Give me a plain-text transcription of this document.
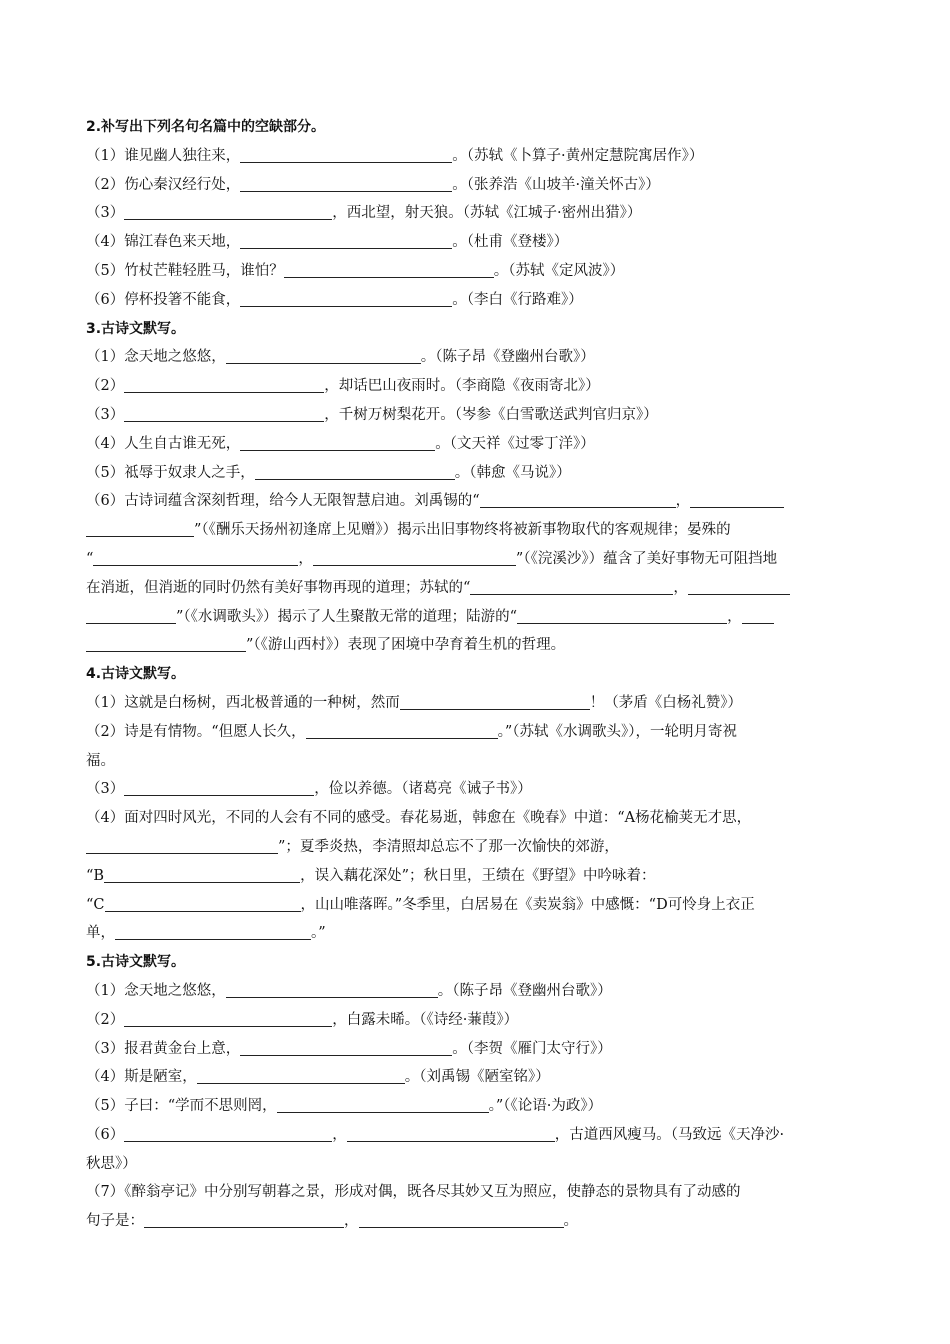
2.补写出下列名句名篇中的空缺部分。
（1）谁见幽人独往来，	。（苏轼《卜算子·黄州定慧院寓居作》）
（2）伤心秦汉经行处，	。（张养浩《山坡羊·潼关怀古》）
（3）	，西北望，射天狼。（苏轼《江城子·密州出猎》）
（4）锦江春色来天地，	。（杜甫《登楼》）
（5）竹杖芒鞋轻胜马，谁怕？	。（苏轼《定风波》）
（6）停杯投箸不能食，	。（李白《行路难》）
3.古诗文默写。
（1）念天地之悠悠，	。（陈子昂《登幽州台歌》）
（2）	，却话巴山夜雨时。（李商隐《夜雨寄北》）
（3）	，千树万树梨花开。（岑参《白雪歌送武判官归京》）
（4）人生自古谁无死，	。（文天祥《过零丁洋》）
（5）祗辱于奴隶人之手，	。（韩愈《马说》）
（6）古诗词蕴含深刻哲理，给今人无限智慧启迪。刘禹锡的“	，
”（《酬乐天扬州初逢席上见赠》）揭示出旧事物终将被新事物取代的客观规律；晏殊的
“	，	”（《浣溪沙》）蕴含了美好事物无可阻挡地
在消逝，但消逝的同时仍然有美好事物再现的道理；苏轼的“	，
”（《水调歌头》）揭示了人生聚散无常的道理；陆游的“	，
”（《游山西村》）表现了困境中孕育着生机的哲理。
4.古诗文默写。
（1）这就是白杨树，西北极普通的一种树，然而	！（茅盾《白杨礼赞》）
（2）诗是有情物。“但愿人长久，	。”（苏轼《水调歌头》），一轮明月寄祝
福。
（3）	，俭以养德。（诸葛亮《诫子书》）
（4）面对四时风光，不同的人会有不同的感受。春花易逝，韩愈在《晚春》中道：“A杨花榆荚无才思，
”；夏季炎热，李清照却总忘不了那一次愉快的郊游，
“B	，误入藕花深处”；秋日里，王绩在《野望》中吟咏着：
“C	，山山唯落晖。”冬季里，白居易在《卖炭翁》中感慨：“D可怜身上衣正
单，	。”
5.古诗文默写。
（1）念天地之悠悠，	。（陈子昂《登幽州台歌》）
（2）	，白露未晞。（《诗经·蒹葭》）
（3）报君黄金台上意，	。（李贺《雁门太守行》）
（4）斯是陋室，	。（刘禹锡《陋室铭》）
（5）子曰：“学而不思则罔，	。”（《论语·为政》）
（6）	，	，古道西风瘦马。（马致远《天净沙·
秋思》）
（7）《醉翁亭记》中分别写朝暮之景，形成对偶，既各尽其妙又互为照应，使静态的景物具有了动感的
句子是：	，	。
